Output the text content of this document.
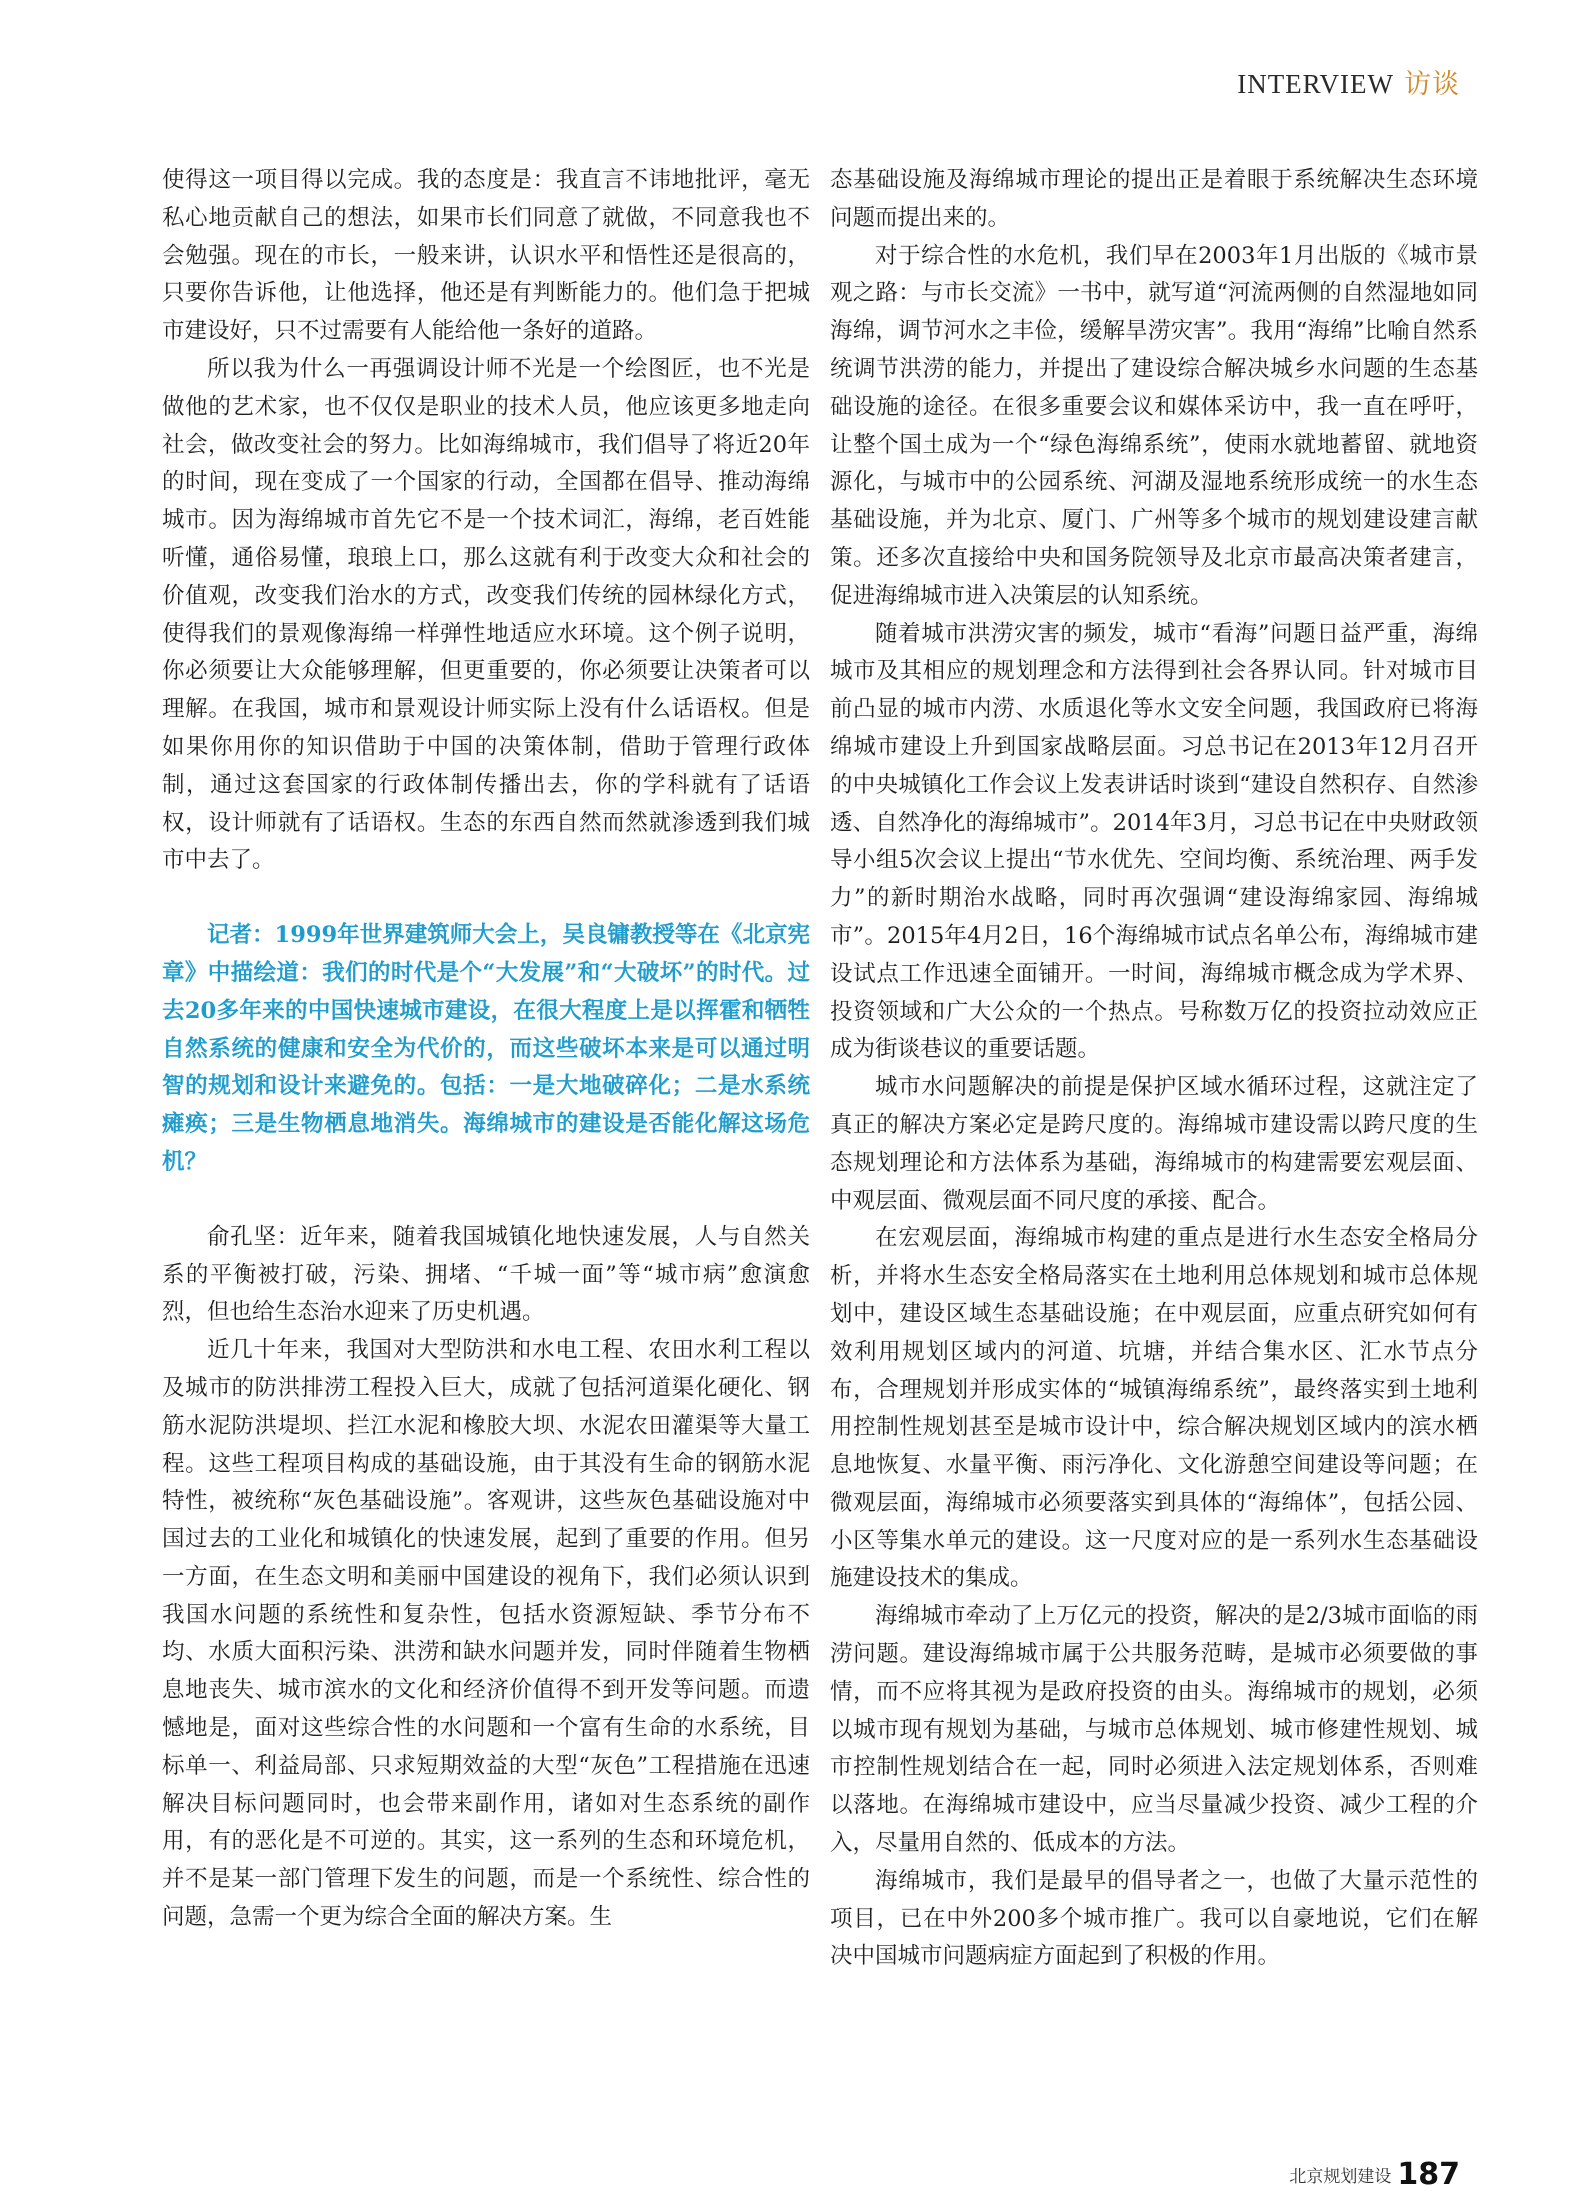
INTERVIEW 访谈

使得这一项目得以完成。我的态度是：我直言不讳地批评，毫无私心地贡献自己的想法，如果市长们同意了就做，不同意我也不会勉强。现在的市长，一般来讲，认识水平和悟性还是很高的，只要你告诉他，让他选择，他还是有判断能力的。他们急于把城市建设好，只不过需要有人能给他一条好的道路。

所以我为什么一再强调设计师不光是一个绘图匠，也不光是做他的艺术家，也不仅仅是职业的技术人员，他应该更多地走向社会，做改变社会的努力。比如海绵城市，我们倡导了将近20年的时间，现在变成了一个国家的行动，全国都在倡导、推动海绵城市。因为海绵城市首先它不是一个技术词汇，海绵，老百姓能听懂，通俗易懂，琅琅上口，那么这就有利于改变大众和社会的价值观，改变我们治水的方式，改变我们传统的园林绿化方式，使得我们的景观像海绵一样弹性地适应水环境。这个例子说明，你必须要让大众能够理解，但更重要的，你必须要让决策者可以理解。在我国，城市和景观设计师实际上没有什么话语权。但是如果你用你的知识借助于中国的决策体制，借助于管理行政体制，通过这套国家的行政体制传播出去，你的学科就有了话语权，设计师就有了话语权。生态的东西自然而然就渗透到我们城市中去了。

记者：1999年世界建筑师大会上，吴良镛教授等在《北京宪章》中描绘道：我们的时代是个“大发展”和“大破坏”的时代。过去20多年来的中国快速城市建设，在很大程度上是以挥霍和牺牲自然系统的健康和安全为代价的，而这些破坏本来是可以通过明智的规划和设计来避免的。包括：一是大地破碎化；二是水系统瘫痪；三是生物栖息地消失。海绵城市的建设是否能化解这场危机？

俞孔坚：近年来，随着我国城镇化地快速发展，人与自然关系的平衡被打破，污染、拥堵、“千城一面”等“城市病”愈演愈烈，但也给生态治水迎来了历史机遇。

近几十年来，我国对大型防洪和水电工程、农田水利工程以及城市的防洪排涝工程投入巨大，成就了包括河道渠化硬化、钢筋水泥防洪堤坝、拦江水泥和橡胶大坝、水泥农田灌渠等大量工程。这些工程项目构成的基础设施，由于其没有生命的钢筋水泥特性，被统称“灰色基础设施”。客观讲，这些灰色基础设施对中国过去的工业化和城镇化的快速发展，起到了重要的作用。但另一方面，在生态文明和美丽中国建设的视角下，我们必须认识到我国水问题的系统性和复杂性，包括水资源短缺、季节分布不均、水质大面积污染、洪涝和缺水问题并发，同时伴随着生物栖息地丧失、城市滨水的文化和经济价值得不到开发等问题。而遗憾地是，面对这些综合性的水问题和一个富有生命的水系统，目标单一、利益局部、只求短期效益的大型“灰色”工程措施在迅速解决目标问题同时，也会带来副作用，诸如对生态系统的副作用，有的恶化是不可逆的。其实，这一系列的生态和环境危机，并不是某一部门管理下发生的问题，而是一个系统性、综合性的问题，急需一个更为综合全面的解决方案。生

态基础设施及海绵城市理论的提出正是着眼于系统解决生态环境问题而提出来的。

对于综合性的水危机，我们早在2003年1月出版的《城市景观之路：与市长交流》一书中，就写道“河流两侧的自然湿地如同海绵，调节河水之丰俭，缓解旱涝灾害”。我用“海绵”比喻自然系统调节洪涝的能力，并提出了建设综合解决城乡水问题的生态基础设施的途径。在很多重要会议和媒体采访中，我一直在呼吁，让整个国土成为一个“绿色海绵系统”，使雨水就地蓄留、就地资源化，与城市中的公园系统、河湖及湿地系统形成统一的水生态基础设施，并为北京、厦门、广州等多个城市的规划建设建言献策。还多次直接给中央和国务院领导及北京市最高决策者建言，促进海绵城市进入决策层的认知系统。

随着城市洪涝灾害的频发，城市“看海”问题日益严重，海绵城市及其相应的规划理念和方法得到社会各界认同。针对城市目前凸显的城市内涝、水质退化等水文安全问题，我国政府已将海绵城市建设上升到国家战略层面。习总书记在2013年12月召开的中央城镇化工作会议上发表讲话时谈到“建设自然积存、自然渗透、自然净化的海绵城市”。2014年3月，习总书记在中央财政领导小组5次会议上提出“节水优先、空间均衡、系统治理、两手发力”的新时期治水战略，同时再次强调“建设海绵家园、海绵城市”。2015年4月2日，16个海绵城市试点名单公布，海绵城市建设试点工作迅速全面铺开。一时间，海绵城市概念成为学术界、投资领域和广大公众的一个热点。号称数万亿的投资拉动效应正成为街谈巷议的重要话题。

城市水问题解决的前提是保护区域水循环过程，这就注定了真正的解决方案必定是跨尺度的。海绵城市建设需以跨尺度的生态规划理论和方法体系为基础，海绵城市的构建需要宏观层面、中观层面、微观层面不同尺度的承接、配合。

在宏观层面，海绵城市构建的重点是进行水生态安全格局分析，并将水生态安全格局落实在土地利用总体规划和城市总体规划中，建设区域生态基础设施；在中观层面，应重点研究如何有效利用规划区域内的河道、坑塘，并结合集水区、汇水节点分布，合理规划并形成实体的“城镇海绵系统”，最终落实到土地利用控制性规划甚至是城市设计中，综合解决规划区域内的滨水栖息地恢复、水量平衡、雨污净化、文化游憩空间建设等问题；在微观层面，海绵城市必须要落实到具体的“海绵体”，包括公园、小区等集水单元的建设。这一尺度对应的是一系列水生态基础设施建设技术的集成。

海绵城市牵动了上万亿元的投资，解决的是2/3城市面临的雨涝问题。建设海绵城市属于公共服务范畴，是城市必须要做的事情，而不应将其视为是政府投资的由头。海绵城市的规划，必须以城市现有规划为基础，与城市总体规划、城市修建性规划、城市控制性规划结合在一起，同时必须进入法定规划体系，否则难以落地。在海绵城市建设中，应当尽量减少投资、减少工程的介入，尽量用自然的、低成本的方法。

海绵城市，我们是最早的倡导者之一，也做了大量示范性的项目，已在中外200多个城市推广。我可以自豪地说，它们在解决中国城市问题病症方面起到了积极的作用。

北京规划建设 187
